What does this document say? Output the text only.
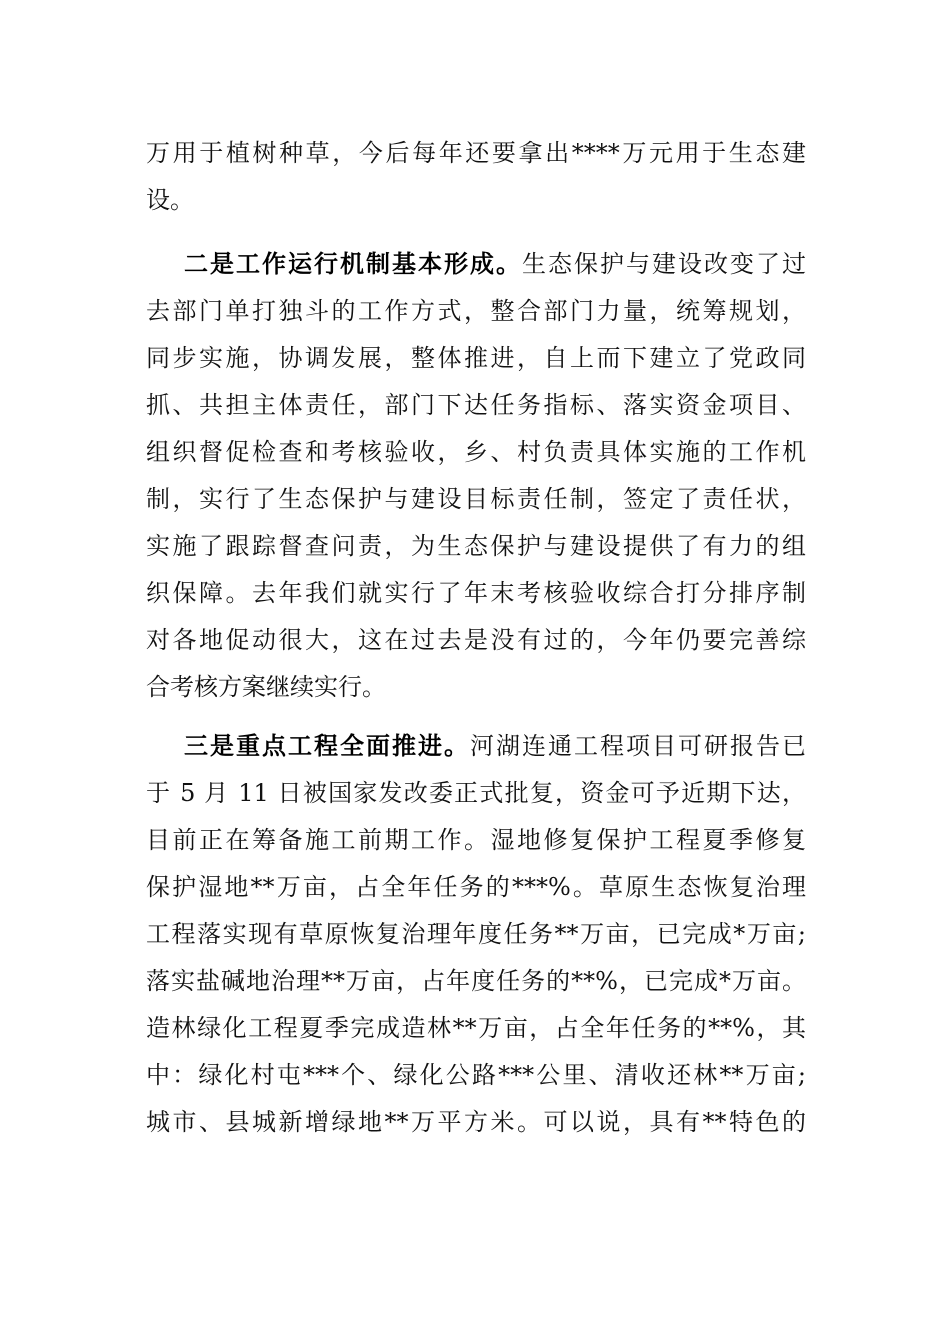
万用于植树种草，今后每年还要拿出****万元用于生态建
设。
二是工作运行机制基本形成。生态保护与建设改变了过
去部门单打独斗的工作方式，整合部门力量，统筹规划，
同步实施，协调发展，整体推进，自上而下建立了党政同
抓、共担主体责任，部门下达任务指标、落实资金项目、
组织督促检查和考核验收，乡、村负责具体实施的工作机
制，实行了生态保护与建设目标责任制，签定了责任状，
实施了跟踪督查问责，为生态保护与建设提供了有力的组
织保障。去年我们就实行了年末考核验收综合打分排序制
对各地促动很大，这在过去是没有过的，今年仍要完善综
合考核方案继续实行。
三是重点工程全面推进。河湖连通工程项目可研报告已
于 5 月 11 日被国家发改委正式批复，资金可予近期下达，
目前正在筹备施工前期工作。湿地修复保护工程夏季修复
保护湿地**万亩，占全年任务的***%。草原生态恢复治理
工程落实现有草原恢复治理年度任务**万亩，已完成*万亩;
落实盐碱地治理**万亩，占年度任务的**%，已完成*万亩。
造林绿化工程夏季完成造林**万亩，占全年任务的**%，其
中：绿化村屯***个、绿化公路***公里、清收还林**万亩;
城市、县城新增绿地**万平方米。可以说，具有**特色的
